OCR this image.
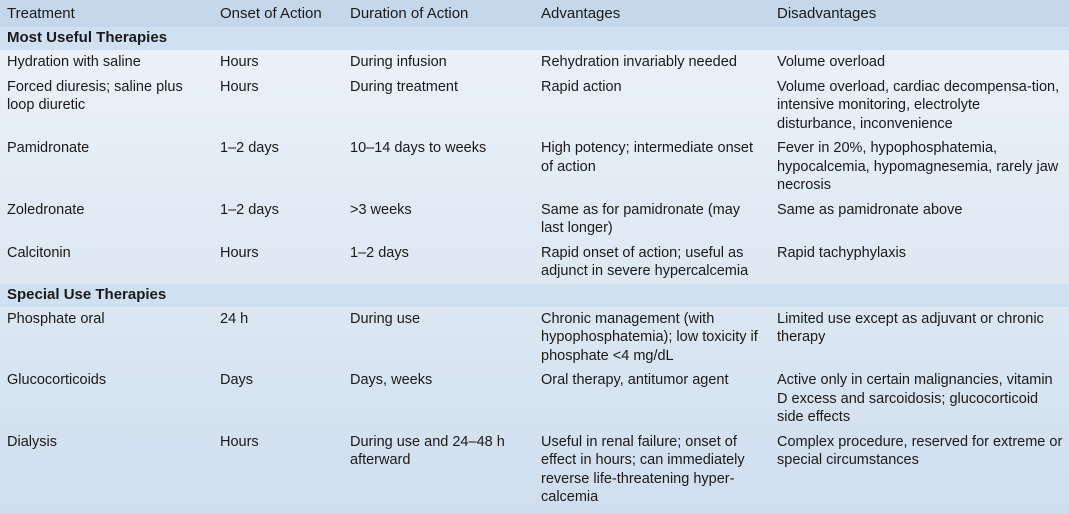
Treatment	Onset of Action	Duration of Action	Advantages	Disadvantages
Most Useful Therapies				
Hydration with saline	Hours	During infusion	Rehydration invariably needed	Volume overload
Forced diuresis; saline plus loop diuretic	Hours	During treatment	Rapid action	Volume overload, cardiac decompensa-tion, intensive monitoring, electrolyte disturbance, inconvenience
Pamidronate	1–2 days	10–14 days to weeks	High potency; intermediate onset of action	Fever in 20%, hypophosphatemia, hypocalcemia, hypomagnesemia, rarely jaw necrosis
Zoledronate	1–2 days	>3 weeks	Same as for pamidronate (may last longer)	Same as pamidronate above
Calcitonin	Hours	1–2 days	Rapid onset of action; useful as adjunct in severe hypercalcemia	Rapid tachyphylaxis
Special Use Therapies				
Phosphate oral	24 h	During use	Chronic management (with hypophosphatemia); low toxicity if phosphate <4 mg/dL	Limited use except as adjuvant or chronic therapy
Glucocorticoids	Days	Days, weeks	Oral therapy, antitumor agent	Active only in certain malignancies, vitamin D excess and sarcoidosis; glucocorticoid side effects
Dialysis	Hours	During use and 24–48 h afterward	Useful in renal failure; onset of effect in hours; can immediately reverse life-threatening hyper-calcemia	Complex procedure, reserved for extreme or special circumstances
